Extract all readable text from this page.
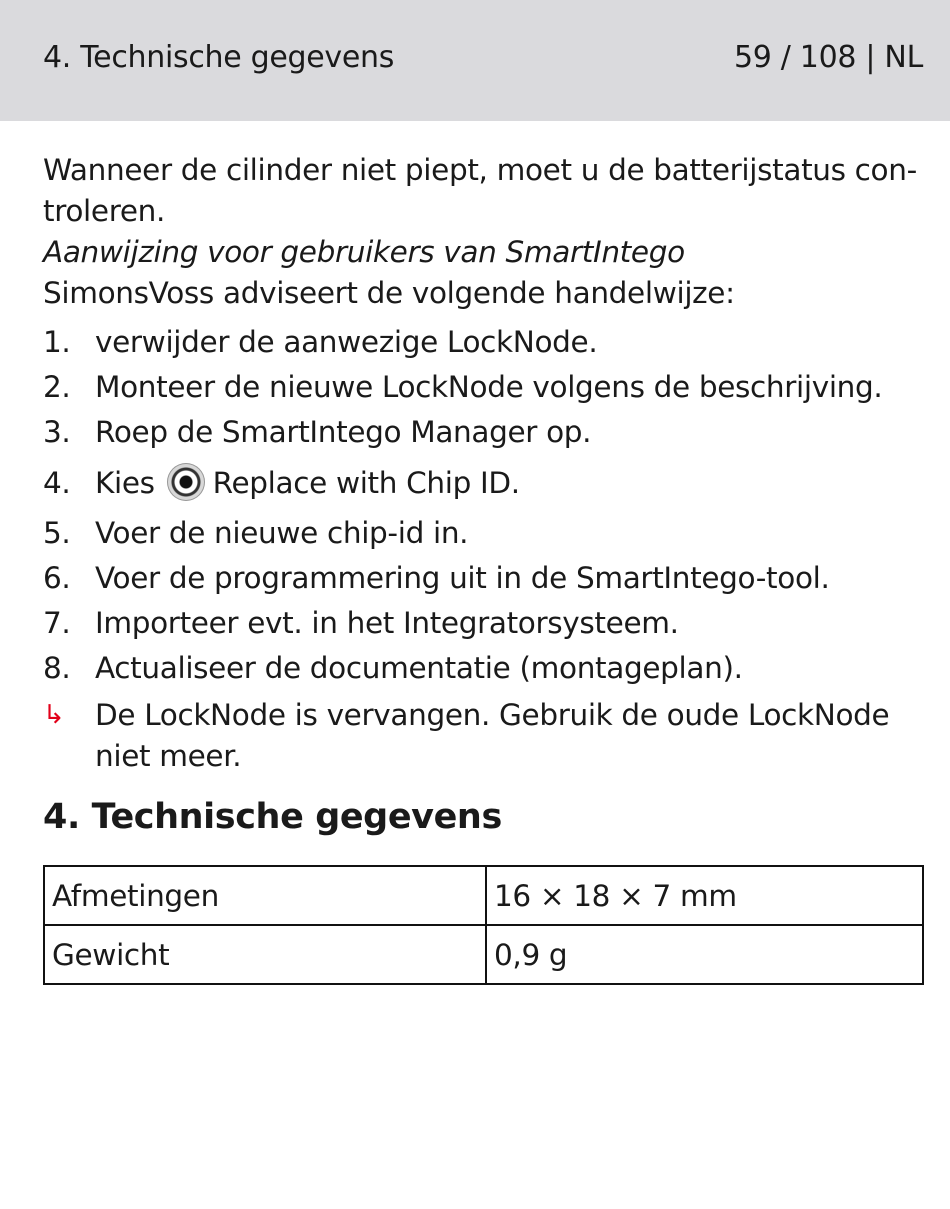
4. Technische gegevens	59 / 108 | NL

Wanneer de cilinder niet piept, moet u de batterijstatus con-

troleren.

Aanwijzing voor gebruikers van SmartIntego

SimonsVoss adviseert de volgende handelwijze:

1. verwijder de aanwezige LockNode.
2. Monteer de nieuwe LockNode volgens de beschrijving.
3. Roep de SmartIntego Manager op.
4. Kies Replace with Chip ID.
5. Voer de nieuwe chip-id in.
6. Voer de programmering uit in de SmartIntego-tool.
7. Importeer evt. in het Integratorsysteem.
8. Actualiseer de documentatie (montageplan).
↳	De LockNode is vervangen. Gebruik de oude LockNode
niet meer.
4. Technische gegevens
Afmetingen	16 × 18 × 7 mm
Gewicht	0,9 g
